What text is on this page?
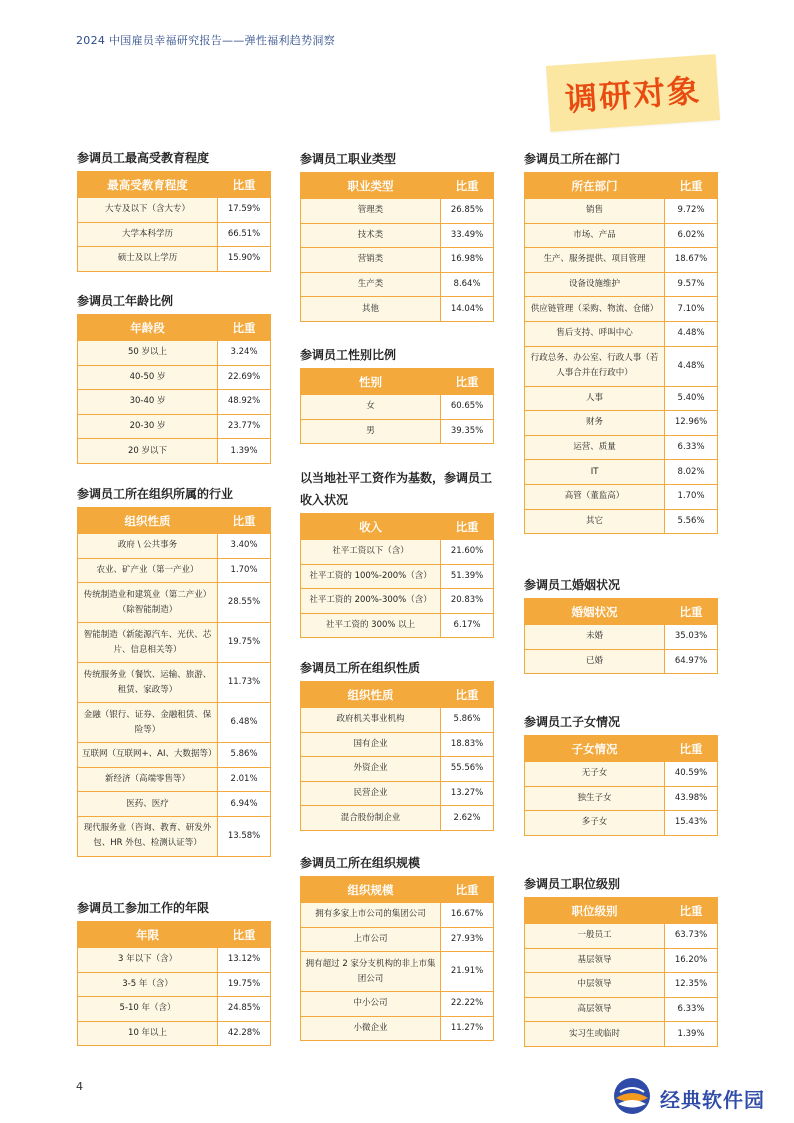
2024 中国雇员幸福研究报告——弹性福利趋势洞察
调研对象
参调员工最高受教育程度
最高受教育程度	比重
大专及以下（含大专）	17.59%
大学本科学历	66.51%
硕士及以上学历	15.90%
参调员工年龄比例
年龄段	比重
50 岁以上	3.24%
40-50 岁	22.69%
30-40 岁	48.92%
20-30 岁	23.77%
20 岁以下	1.39%
参调员工所在组织所属的行业
组织性质	比重
政府 \ 公共事务	3.40%
农业、矿产业（第一产业）	1.70%
传统制造业和建筑业（第二产业）（除智能制造）	28.55%
智能制造（新能源汽车、光伏、芯片、信息相关等）	19.75%
传统服务业（餐饮、运输、旅游、租赁、家政等）	11.73%
金融（银行、证券、金融租赁、保险等）	6.48%
互联网（互联网+、AI、大数据等）	5.86%
新经济（高端零售等）	2.01%
医药、医疗	6.94%
现代服务业（咨询、教育、研发外包、HR 外包、检测认证等）	13.58%
参调员工参加工作的年限
年限	比重
3 年以下（含）	13.12%
3-5 年（含）	19.75%
5-10 年（含）	24.85%
10 年以上	42.28%
参调员工职业类型
职业类型	比重
管理类	26.85%
技术类	33.49%
营销类	16.98%
生产类	8.64%
其他	14.04%
参调员工性别比例
性别	比重
女	60.65%
男	39.35%
以当地社平工资作为基数，参调员工收入状况
收入	比重
社平工资以下（含）	21.60%
社平工资的 100%-200%（含）	51.39%
社平工资的 200%-300%（含）	20.83%
社平工资的 300% 以上	6.17%
参调员工所在组织性质
组织性质	比重
政府机关事业机构	5.86%
国有企业	18.83%
外资企业	55.56%
民营企业	13.27%
混合股份制企业	2.62%
参调员工所在组织规模
组织规模	比重
拥有多家上市公司的集团公司	16.67%
上市公司	27.93%
拥有超过 2 家分支机构的非上市集团公司	21.91%
中小公司	22.22%
小微企业	11.27%
参调员工所在部门
所在部门	比重
销售	9.72%
市场、产品	6.02%
生产、服务提供、项目管理	18.67%
设备设施维护	9.57%
供应链管理（采购、物流、仓储）	7.10%
售后支持、呼叫中心	4.48%
行政总务、办公室、行政人事（若人事合并在行政中）	4.48%
人事	5.40%
财务	12.96%
运营、质量	6.33%
IT	8.02%
高管（董监高）	1.70%
其它	5.56%
参调员工婚姻状况
婚姻状况	比重
未婚	35.03%
已婚	64.97%
参调员工子女情况
子女情况	比重
无子女	40.59%
独生子女	43.98%
多子女	15.43%
参调员工职位级别
职位级别	比重
一般员工	63.73%
基层领导	16.20%
中层领导	12.35%
高层领导	6.33%
实习生或临时	1.39%
4
经典软件园
